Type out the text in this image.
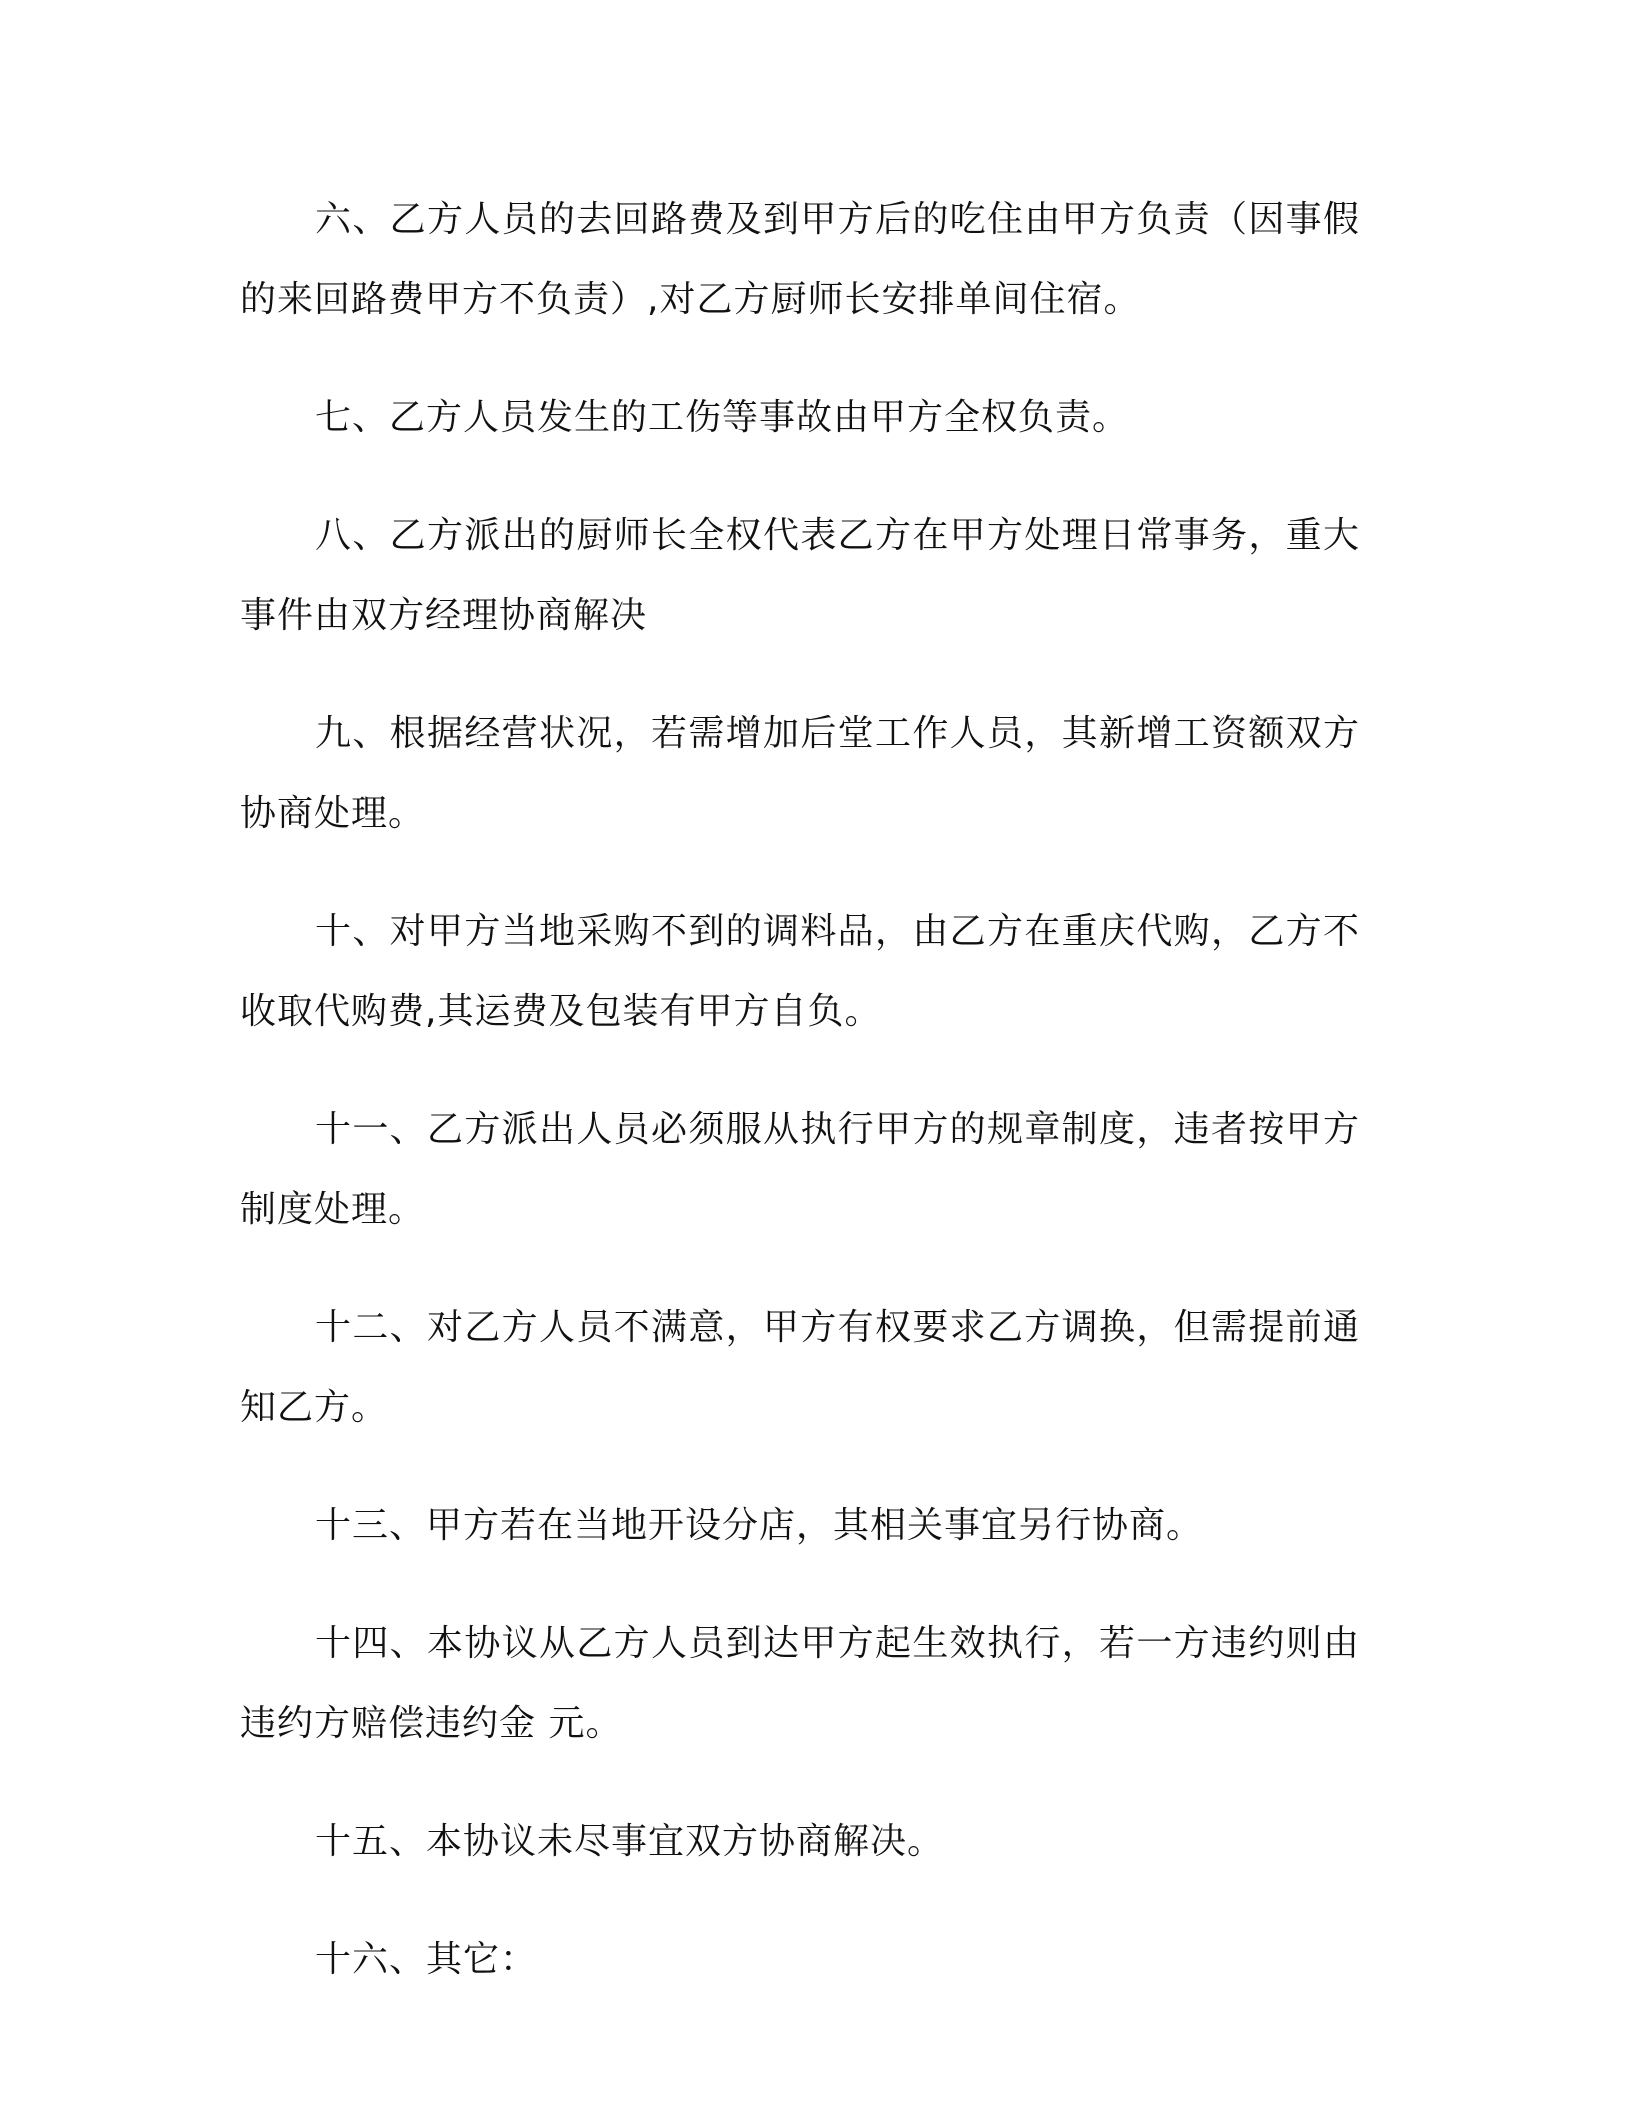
六、乙方人员的去回路费及到甲方后的吃住由甲方负责（因事假的来回路费甲方不负责）,对乙方厨师长安排单间住宿。

七、乙方人员发生的工伤等事故由甲方全权负责。

八、乙方派出的厨师长全权代表乙方在甲方处理日常事务，重大事件由双方经理协商解决

九、根据经营状况，若需增加后堂工作人员，其新增工资额双方协商处理。

十、对甲方当地采购不到的调料品，由乙方在重庆代购，乙方不收取代购费,其运费及包装有甲方自负。

十一、乙方派出人员必须服从执行甲方的规章制度，违者按甲方制度处理。

十二、对乙方人员不满意，甲方有权要求乙方调换，但需提前通知乙方。

十三、甲方若在当地开设分店，其相关事宜另行协商。

十四、本协议从乙方人员到达甲方起生效执行，若一方违约则由违约方赔偿违约金 元。

十五、本协议未尽事宜双方协商解决。

十六、其它：
